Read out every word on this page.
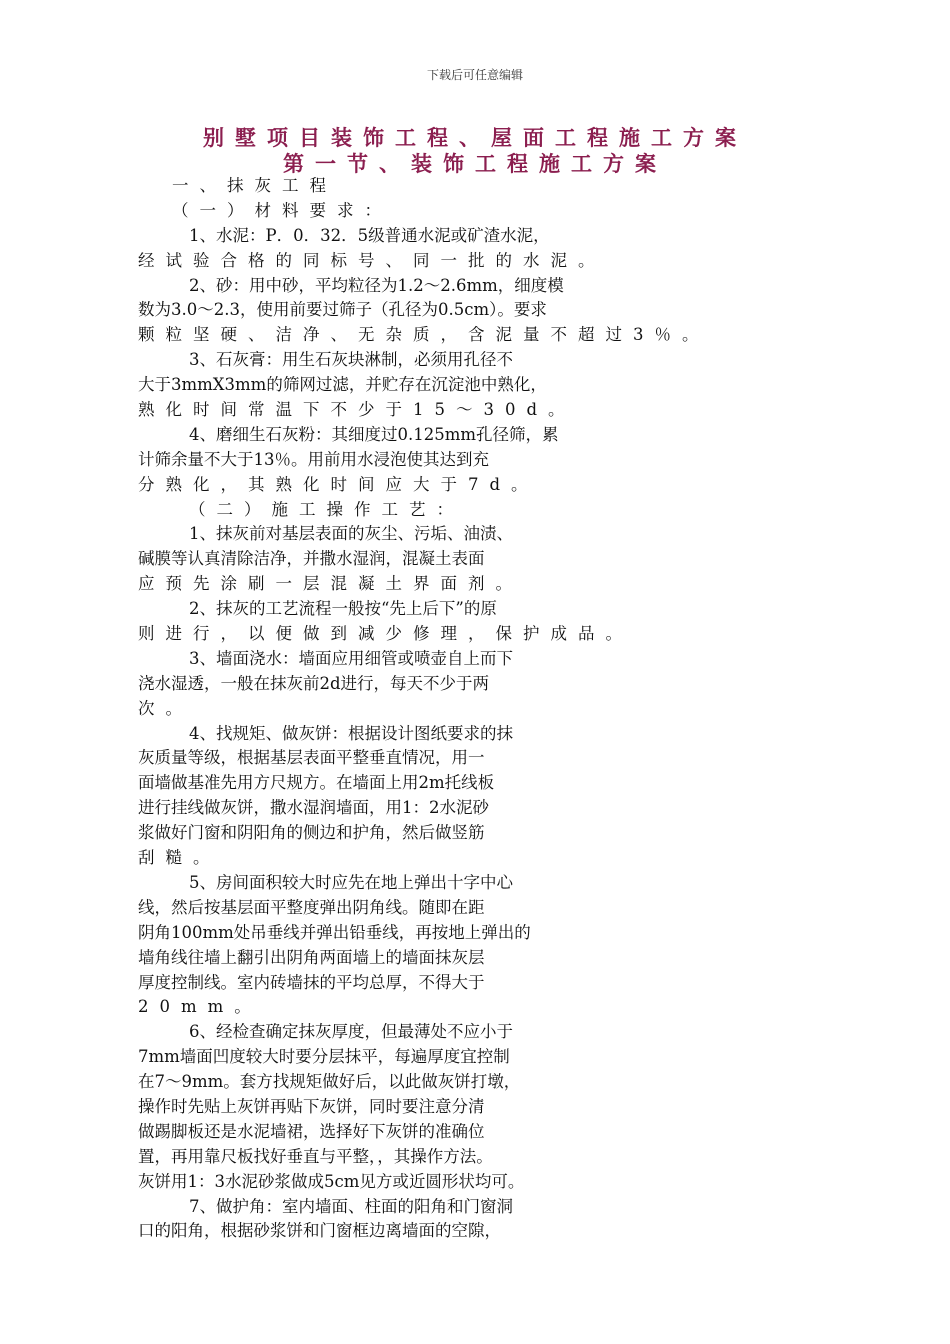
下载后可任意编辑
别墅项目装饰工程、屋面工程施工方案
第一节、装饰工程施工方案
一、抹灰工程
（一）材料要求：
1、水泥：P．0．32．5级普通水泥或矿渣水泥，
经试验合格的同标号、同一批的水泥。
2、砂：用中砂，平均粒径为1.2～2.6mm，细度模
数为3.0～2.3，使用前要过筛子（孔径为0.5cm）。要求
颗粒坚硬、洁净、无杂质，含泥量不超过3％。
3、石灰膏：用生石灰块淋制，必须用孔径不
大于3mmX3mm的筛网过滤，并贮存在沉淀池中熟化，
熟化时间常温下不少于15～30d。
4、磨细生石灰粉：其细度过0.125mm孔径筛，累
计筛余量不大于13％。用前用水浸泡使其达到充
分熟化，其熟化时间应大于7d。
（二）施工操作工艺：
1、抹灰前对基层表面的灰尘、污垢、油渍、
碱膜等认真清除洁净，并撒水湿润，混凝土表面
应预先涂刷一层混凝土界面剂。
2、抹灰的工艺流程一般按“先上后下”的原
则进行，以便做到减少修理，保护成品。
3、墙面浇水：墙面应用细管或喷壶自上而下
浇水湿透，一般在抹灰前2d进行，每天不少于两
次。
4、找规矩、做灰饼：根据设计图纸要求的抹
灰质量等级，根据基层表面平整垂直情况，用一
面墙做基准先用方尺规方。在墙面上用2m托线板
进行挂线做灰饼，撒水湿润墙面，用1：2水泥砂
浆做好门窗和阴阳角的侧边和护角，然后做竖筋
刮糙。
5、房间面积较大时应先在地上弹出十字中心
线，然后按基层面平整度弹出阴角线。随即在距
阴角100mm处吊垂线并弹出铅垂线，再按地上弹出的
墙角线往墙上翻引出阴角两面墙上的墙面抹灰层
厚度控制线。室内砖墙抹的平均总厚，不得大于
20mm。
6、经检查确定抹灰厚度，但最薄处不应小于
7mm墙面凹度较大时要分层抹平，每遍厚度宜控制
在7～9mm。套方找规矩做好后，以此做灰饼打墩，
操作时先贴上灰饼再贴下灰饼，同时要注意分清
做踢脚板还是水泥墙裙，选择好下灰饼的准确位
置，再用靠尺板找好垂直与平整，，其操作方法。
灰饼用1：3水泥砂浆做成5cm见方或近圆形状均可。
7、做护角：室内墙面、柱面的阳角和门窗洞
口的阳角，根据砂浆饼和门窗框边离墙面的空隙，
